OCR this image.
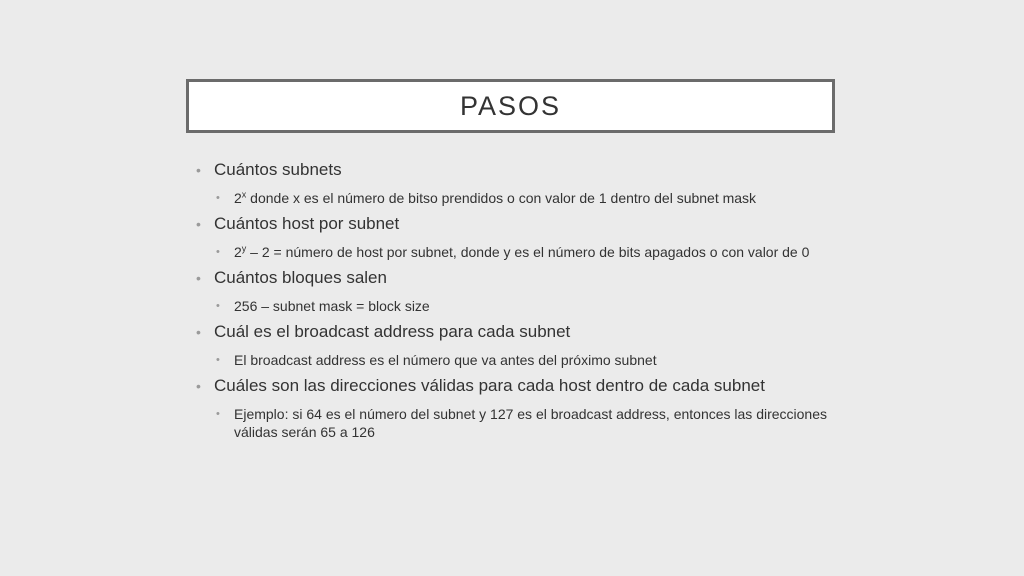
PASOS

• Cuántos subnets

• 2$^x$ donde x es el número de bitso prendidos o con valor de 1 dentro del subnet mask

• Cuántos host por subnet

• 2$^y$ – 2 = número de host por subnet, donde y es el número de bits apagados o con valor de 0

• Cuántos bloques salen

• 256 – subnet mask = block size

• Cuál es el broadcast address para cada subnet

• El broadcast address es el número que va antes del próximo subnet

• Cuáles son las direcciones válidas para cada host dentro de cada subnet

• Ejemplo: si 64 es el número del subnet y 127 es el broadcast address, entonces las direcciones válidas serán 65 a 126
